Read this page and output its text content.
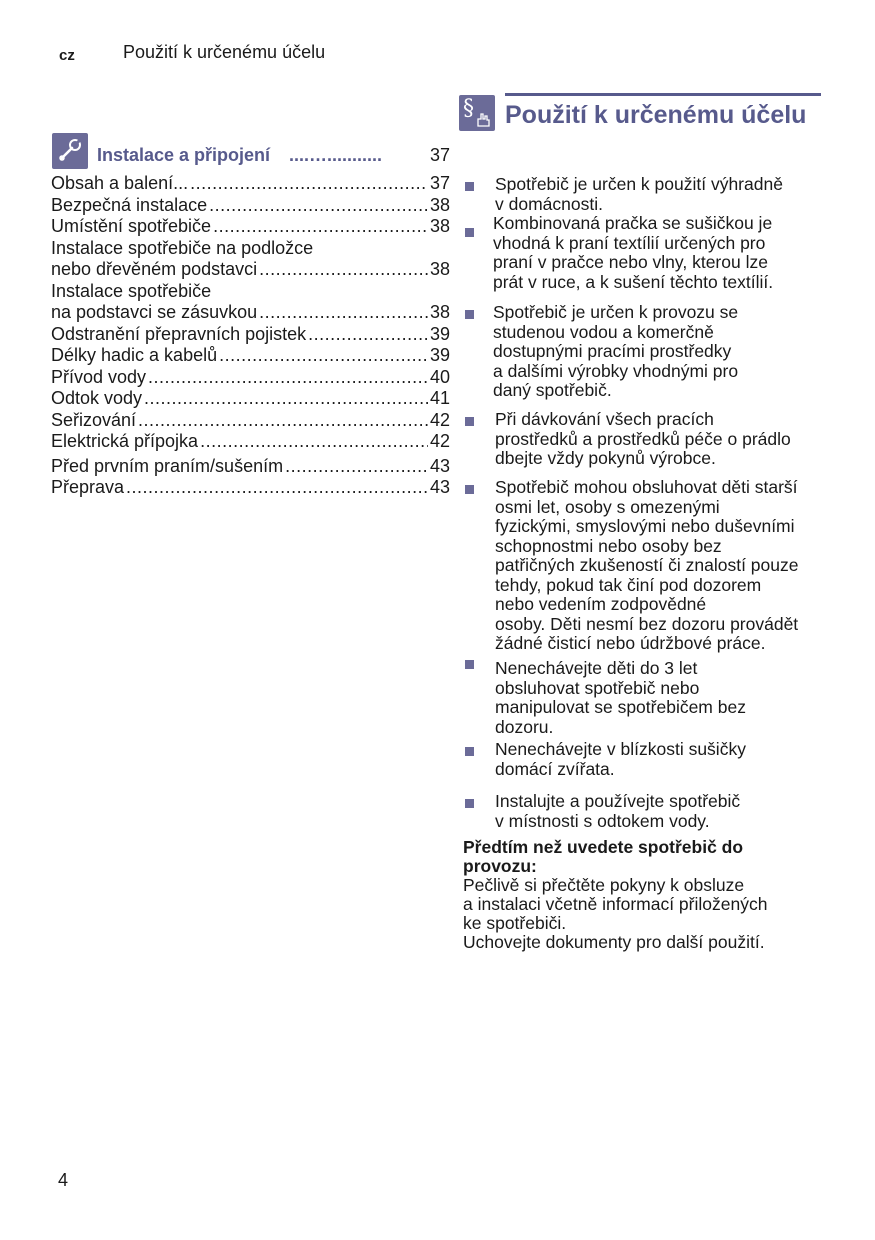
cz	Použití k určenému účelu
Instalace a připojení ....…...........	37
Obsah a balení... .....	37
Bezpečná instalace .....	38
Umístění spotřebiče .....	38
Instalace spotřebiče na podložce
nebo dřevěném podstavci .....	38
Instalace spotřebiče
na podstavci se zásuvkou .....	38
Odstranění přepravních pojistek .....	39
Délky hadic a kabelů .....	39
Přívod vody .....	40
Odtok vody .....	41
Seřizování .....	42
Elektrická přípojka .....	42
Před prvním praním/sušením .....	43
Přeprava .....	43
§ Použití k určenému účelu
Spotřebič je určen k použití výhradně
v domácnosti.
Kombinovaná pračka se sušičkou je
vhodná k praní textílií určených pro
praní v pračce nebo vlny, kterou lze
prát v ruce, a k sušení těchto textílií.
Spotřebič je určen k provozu se
studenou vodou a komerčně
dostupnými pracími prostředky
a dalšími výrobky vhodnými pro
daný spotřebič.
Při dávkování všech pracích
prostředků a prostředků péče o prádlo
dbejte vždy pokynů výrobce.
Spotřebič mohou obsluhovat děti starší
osmi let, osoby s omezenými
fyzickými, smyslovými nebo duševními
schopnostmi nebo osoby bez
patřičných zkušeností či znalostí pouze
tehdy, pokud tak činí pod dozorem
nebo vedením zodpovědné
osoby. Děti nesmí bez dozoru provádět
žádné čisticí nebo údržbové práce.
Nenechávejte děti do 3 let
obsluhovat spotřebič nebo
manipulovat se spotřebičem bez
dozoru.
Nenechávejte v blízkosti sušičky
domácí zvířata.
Instalujte a používejte spotřebič
v místnosti s odtokem vody.
Předtím než uvedete spotřebič do
provozu:
Pečlivě si přečtěte pokyny k obsluze
a instalaci včetně informací přiložených
ke spotřebiči.
Uchovejte dokumenty pro další použití.
4
